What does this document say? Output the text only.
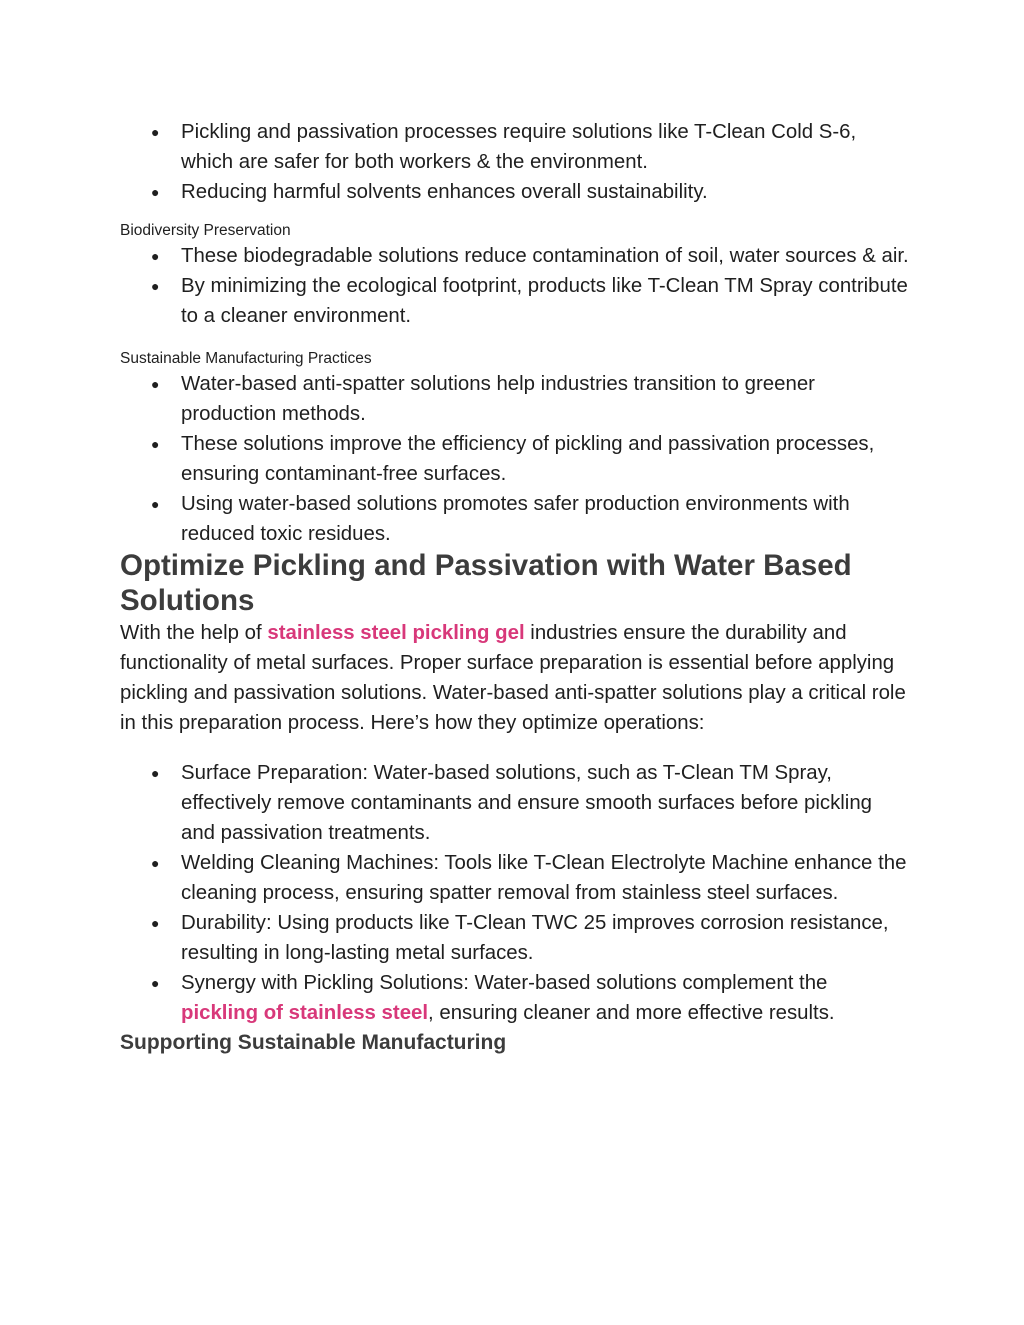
● Pickling and passivation processes require solutions like T-Clean Cold S-6, which are safer for both workers & the environment.
● Reducing harmful solvents enhances overall sustainability.

Biodiversity Preservation

● These biodegradable solutions reduce contamination of soil, water sources & air.
● By minimizing the ecological footprint, products like T-Clean TM Spray contribute to a cleaner environment.

Sustainable Manufacturing Practices

● Water-based anti-spatter solutions help industries transition to greener production methods.
● These solutions improve the efficiency of pickling and passivation processes, ensuring contaminant-free surfaces.
● Using water-based solutions promotes safer production environments with reduced toxic residues.
Optimize Pickling and Passivation with Water Based Solutions

With the help of stainless steel pickling gel industries ensure the durability and functionality of metal surfaces. Proper surface preparation is essential before applying pickling and passivation solutions. Water-based anti-spatter solutions play a critical role in this preparation process. Here’s how they optimize operations:

● Surface Preparation: Water-based solutions, such as T-Clean TM Spray, effectively remove contaminants and ensure smooth surfaces before pickling and passivation treatments.
● Welding Cleaning Machines: Tools like T-Clean Electrolyte Machine enhance the cleaning process, ensuring spatter removal from stainless steel surfaces.
● Durability: Using products like T-Clean TWC 25 improves corrosion resistance, resulting in long-lasting metal surfaces.
● Synergy with Pickling Solutions: Water-based solutions complement the pickling of stainless steel, ensuring cleaner and more effective results.
Supporting Sustainable Manufacturing
